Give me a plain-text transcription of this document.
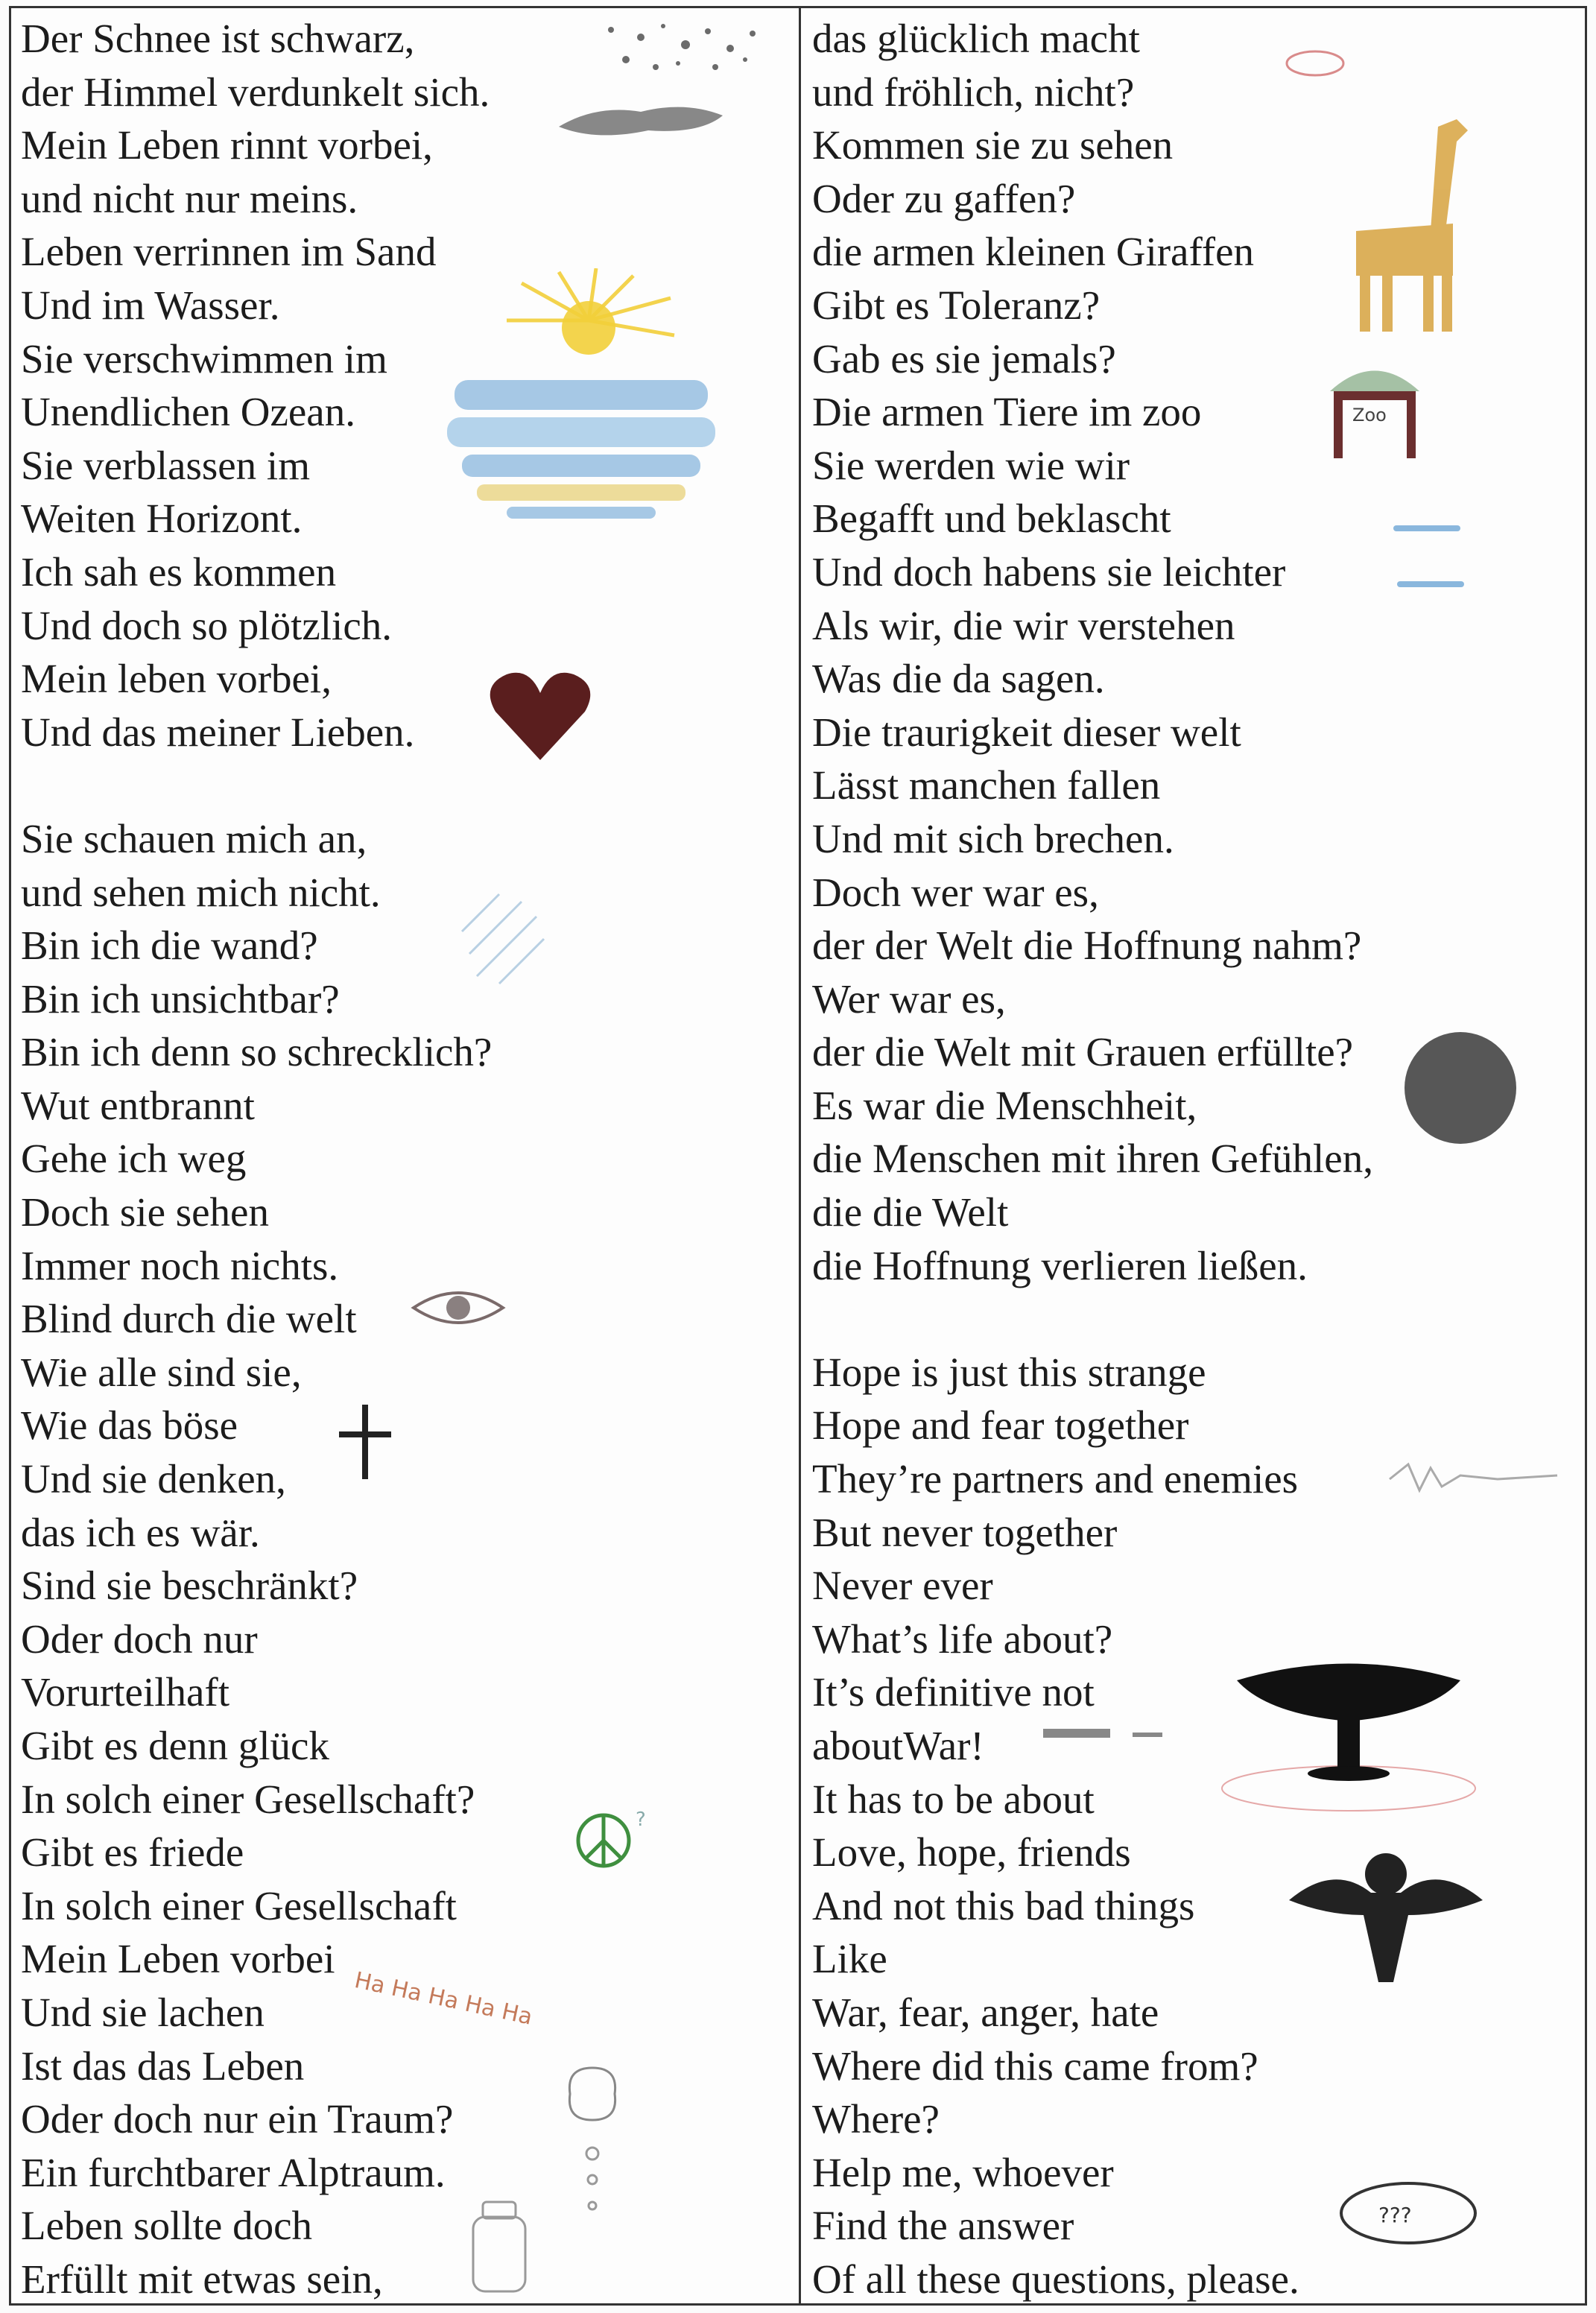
Der Schnee ist schwarz,
der Himmel verdunkelt sich.
Mein Leben rinnt vorbei,
und nicht nur meins.
Leben verrinnen im Sand
Und im Wasser.
Sie verschwimmen im
Unendlichen Ozean.
Sie verblassen im
Weiten Horizont.
Ich sah es kommen
Und doch so plötzlich.
Mein leben vorbei,
Und das meiner Lieben.
Sie schauen mich an,
und sehen mich nicht.
Bin ich die wand?
Bin ich unsichtbar?
Bin ich denn so schrecklich?
Wut entbrannt
Gehe ich weg
Doch sie sehen
Immer noch nichts.
Blind durch die welt
Wie alle sind sie,
Wie das böse
Und sie denken,
das ich es wär.
Sind sie beschränkt?
Oder doch nur
Vorurteilhaft
Gibt es denn glück
In solch einer Gesellschaft?
Gibt es friede
In solch einer Gesellschaft
Mein Leben vorbei
Und sie lachen
Ist das das Leben
Oder doch nur ein Traum?
Ein furchtbarer Alptraum.
Leben sollte doch
Erfüllt mit etwas sein,
das glücklich macht
und fröhlich, nicht?
Kommen sie zu sehen
Oder zu gaffen?
die armen kleinen Giraffen
Gibt es Toleranz?
Gab es sie jemals?
Die armen Tiere im zoo
Sie werden wie wir
Begafft und beklascht
Und doch habens sie leichter
Als wir, die wir verstehen
Was die da sagen.
Die traurigkeit dieser welt
Lässt manchen fallen
Und mit sich brechen.
Doch wer war es,
der der Welt die Hoffnung nahm?
Wer war es,
der die Welt mit Grauen erfüllte?
Es war die Menschheit,
die Menschen mit ihren Gefühlen,
die die Welt
die Hoffnung verlieren ließen.
Hope is just this strange
Hope and fear together
They’re partners and enemies
But never together
Never ever
What’s life about?
It’s definitive not
aboutWar!
It has to be about
Love, hope, friends
And not this bad things
Like
War, fear, anger, hate
Where did this came from?
Where?
Help me, whoever
Find the answer
Of all these questions, please.
?
Ha Ha Ha Ha Ha
Zoo
???
